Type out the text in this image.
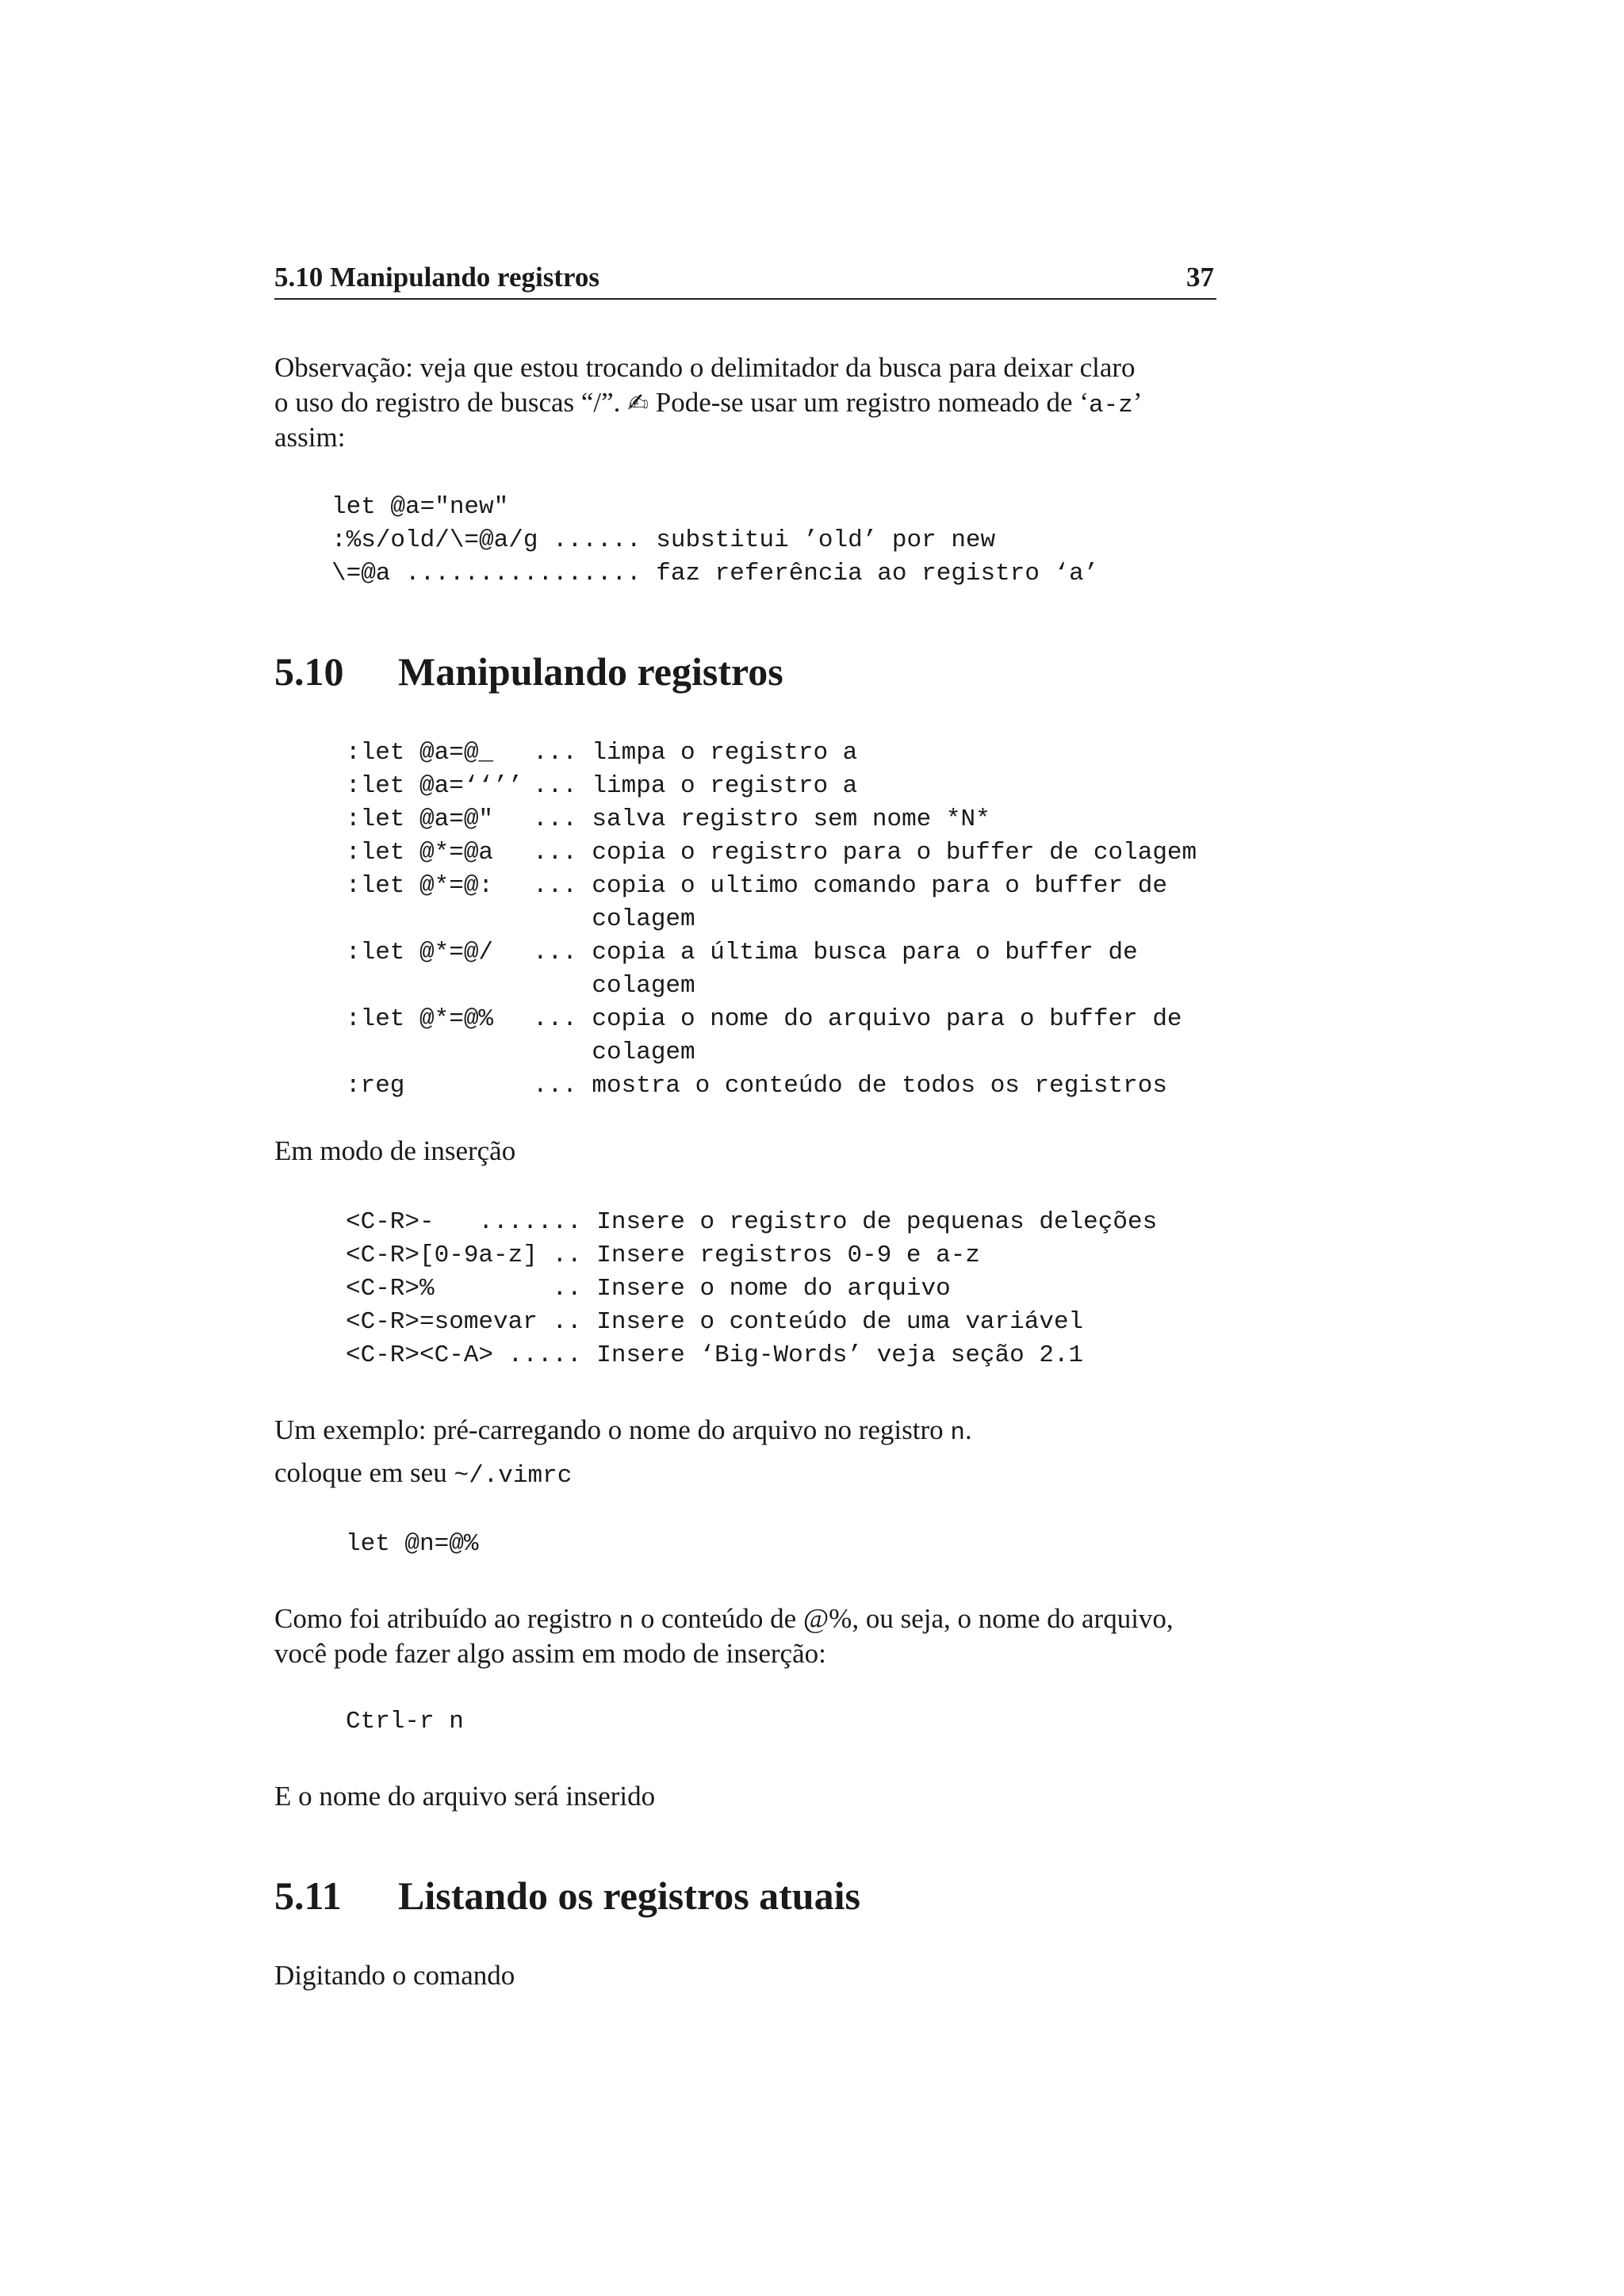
5.10 Manipulando registros	37

Observação: veja que estou trocando o delimitador da busca para deixar claro

o uso do registro de buscas “/”. ✍ Pode-se usar um registro nomeado de ‘a-z’

assim:

let @a="new"

:%s/old/\=@a/g ...... substitui ’old’ por new

\=@a ................ faz referência ao registro ‘a’

5.10 Manipulando registros

:let @a=@_ ... limpa o registro a

:let @a=‘‘’’ ... limpa o registro a

:let @a=@" ... salva registro sem nome *N*

:let @*=@a ... copia o registro para o buffer de colagem

:let @*=@: ... copia o ultimo comando para o buffer de

colagem

:let @*=@/ ... copia a última busca para o buffer de

colagem

:let @*=@% ... copia o nome do arquivo para o buffer de

colagem

:reg	... mostra o conteúdo de todos os registros

Em modo de inserção

<C-R>-   ....... Insere o registro de pequenas deleções

<C-R>[0-9a-z] .. Insere registros 0-9 e a-z

<C-R>%        .. Insere o nome do arquivo

<C-R>=somevar .. Insere o conteúdo de uma variável

<C-R><C-A> ..... Insere ‘Big-Words’ veja seção 2.1

Um exemplo: pré-carregando o nome do arquivo no registro n.

coloque em seu ~/.vimrc

let @n=@%

Como foi atribuído ao registro n o conteúdo de @%, ou seja, o nome do arquivo,

você pode fazer algo assim em modo de inserção:

Ctrl-r n

E o nome do arquivo será inserido

5.11 Listando os registros atuais

Digitando o comando
